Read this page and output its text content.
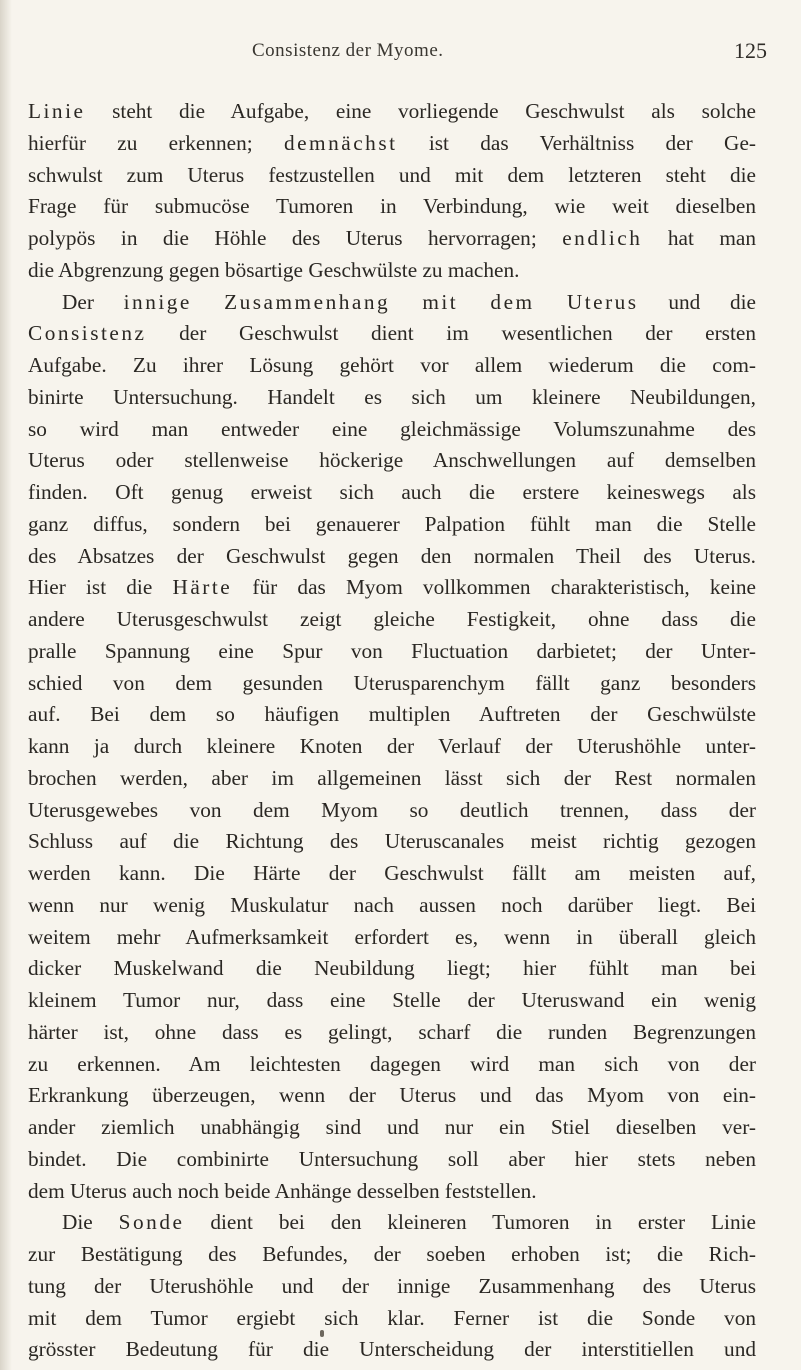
Consistenz der Myome.	125
Linie steht die Aufgabe, eine vorliegende Geschwulst als solche
hierfür zu erkennen; demnächst ist das Verhältniss der Ge-
schwulst zum Uterus festzustellen und mit dem letzteren steht die
Frage für submucöse Tumoren in Verbindung, wie weit dieselben
polypös in die Höhle des Uterus hervorragen; endlich hat man
die Abgrenzung gegen bösartige Geschwülste zu machen.
Der innige Zusammenhang mit dem Uterus und die
Consistenz der Geschwulst dient im wesentlichen der ersten
Aufgabe. Zu ihrer Lösung gehört vor allem wiederum die com-
binirte Untersuchung. Handelt es sich um kleinere Neubildungen,
so wird man entweder eine gleichmässige Volumszunahme des
Uterus oder stellenweise höckerige Anschwellungen auf demselben
finden. Oft genug erweist sich auch die erstere keineswegs als
ganz diffus, sondern bei genauerer Palpation fühlt man die Stelle
des Absatzes der Geschwulst gegen den normalen Theil des Uterus.
Hier ist die Härte für das Myom vollkommen charakteristisch, keine
andere Uterusgeschwulst zeigt gleiche Festigkeit, ohne dass die
pralle Spannung eine Spur von Fluctuation darbietet; der Unter-
schied von dem gesunden Uterusparenchym fällt ganz besonders
auf. Bei dem so häufigen multiplen Auftreten der Geschwülste
kann ja durch kleinere Knoten der Verlauf der Uterushöhle unter-
brochen werden, aber im allgemeinen lässt sich der Rest normalen
Uterusgewebes von dem Myom so deutlich trennen, dass der
Schluss auf die Richtung des Uteruscanales meist richtig gezogen
werden kann. Die Härte der Geschwulst fällt am meisten auf,
wenn nur wenig Muskulatur nach aussen noch darüber liegt. Bei
weitem mehr Aufmerksamkeit erfordert es, wenn in überall gleich
dicker Muskelwand die Neubildung liegt; hier fühlt man bei
kleinem Tumor nur, dass eine Stelle der Uteruswand ein wenig
härter ist, ohne dass es gelingt, scharf die runden Begrenzungen
zu erkennen. Am leichtesten dagegen wird man sich von der
Erkrankung überzeugen, wenn der Uterus und das Myom von ein-
ander ziemlich unabhängig sind und nur ein Stiel dieselben ver-
bindet. Die combinirte Untersuchung soll aber hier stets neben
dem Uterus auch noch beide Anhänge desselben feststellen.
Die Sonde dient bei den kleineren Tumoren in erster Linie
zur Bestätigung des Befundes, der soeben erhoben ist; die Rich-
tung der Uterushöhle und der innige Zusammenhang des Uterus
mit dem Tumor ergiebt sich klar. Ferner ist die Sonde von
grösster Bedeutung für die Unterscheidung der interstitiellen und
